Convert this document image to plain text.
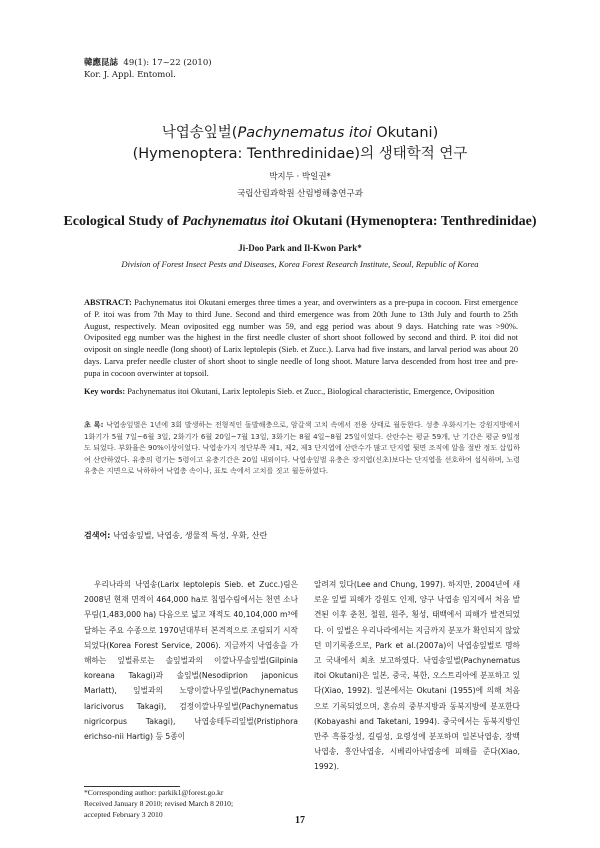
韓應昆誌 49(1): 17~22 (2010)
Kor. J. Appl. Entomol.
낙엽송잎벌(Pachynematus itoi Okutani)
(Hymenoptera: Tenthredinidae)의 생태학적 연구
박지두 · 박일권*
국립산림과학원 산림병해충연구과
Ecological Study of Pachynematus itoi Okutani (Hymenoptera: Tenthredinidae)
Ji-Doo Park and Il-Kwon Park*
Division of Forest Insect Pests and Diseases, Korea Forest Research Institute, Seoul, Republic of Korea
ABSTRACT: Pachynematus itoi Okutani emerges three times a year, and overwinters as a pre-pupa in cocoon. First emergence of P. itoi was from 7th May to third June. Second and third emergence was from 20th June to 13th July and fourth to 25th August, respectively. Mean oviposited egg number was 59, and egg period was about 9 days. Hatching rate was >90%. Oviposited egg number was the highest in the first needle cluster of short shoot followed by second and third. P. itoi did not oviposit on single needle (long shoot) of Larix leptolepis (Sieb. et Zucc.). Larva had five instars, and larval period was about 20 days. Larva prefer needle cluster of short shoot to single needle of long shoot. Mature larva descended from host tree and pre-pupa in cocoon overwinter at topsoil.
Key words: Pachynematus itoi Okutani, Larix leptolepis Sieb. et Zucc., Biological characteristic, Emergence, Oviposition
초 록: 낙엽송잎벌은 1년에 3회 발생하는 전형적인 돌발해충으로, 암갈색 고치 속에서 전용 상태로 월동한다. 성충 우화시기는 강원지방에서 1화기가 5월 7일~6월 3일, 2화기가 6월 20일~7월 13일, 3화기는 8월 4일~8월 25일이었다. 산란수는 평균 59개, 난 기간은 평균 9일정도 되었다. 부화율은 90%이상이었다. 낙엽송가지 정단부쪽 제1, 제2, 제3 단지엽에 산란수가 많고 단지엽 뒷면 조직에 알을 절반 정도 삽입하여 산란하였다. 유충의 령기는 5령이고 유충기간은 20일 내외이다. 낙엽송잎벌 유충은 장지엽(신초)보다는 단지엽을 선호하여 섭식하며, 노령유충은 지면으로 낙하하여 낙엽층 속이나, 표토 속에서 고치를 짓고 월동하였다.
검색어: 낙엽송잎벌, 낙엽송, 생물적 특성, 우화, 산란

우리나라의 낙엽송(Larix leptolepis Sieb. et Zucc.)림은 2008년 현재 면적이 464,000 ha로 침엽수림에서는 천연 소나무림(1,483,000 ha) 다음으로 넓고 재적도 40,104,000 m³에 달하는 주요 수종으로 1970년대부터 본격적으로 조림되기 시작되었다(Korea Forest Service, 2006). 지금까지 낙엽송을 가해하는 잎벌류로는 솔잎벌과의 이깔나무솔잎벌(Gilpinia koreana Takagi)과 솔잎벌(Nesodiprion japonicus Marlatt), 잎벌과의 노랑이깔나무잎벌(Pachynematus laricivorus Takagi), 검정이깔나무잎벌(Pachynematus nigricorpus Takagi), 낙엽송테두리잎벌(Pristiphora erichso-nii Hartig) 등 5종이

알려져 있다(Lee and Chung, 1997). 하지만, 2004년에 새로운 잎벌 피해가 강원도 인제, 양구 낙엽송 임지에서 처음 발견된 이후 춘천, 철원, 원주, 횡성, 태백에서 피해가 발견되었다. 이 잎벌은 우리나라에서는 지금까지 분포가 확인되지 않았던 미기록종으로, Park et al.(2007a)이 낙엽송잎벌로 명하고 국내에서 최초 보고하였다. 낙엽송잎벌(Pachynematus itoi Okutani)은 일본, 중국, 북한, 오스트리아에 분포하고 있다(Xiao, 1992). 일본에서는 Okutani (1955)에 의해 처음으로 기록되었으며, 혼슈의 중부지방과 동북지방에 분포한다(Kobayashi and Taketani, 1994). 중국에서는 동북지방인 만주 흑룡강성, 길림성, 요령성에 분포하며 일본낙엽송, 장백낙엽송, 흥안낙엽송, 시베리아낙엽송에 피해를 준다(Xiao, 1992).

*Corresponding author: parkik1@forest.go.kr
Received January 8 2010; revised March 8 2010;
accepted February 3 2010
17
